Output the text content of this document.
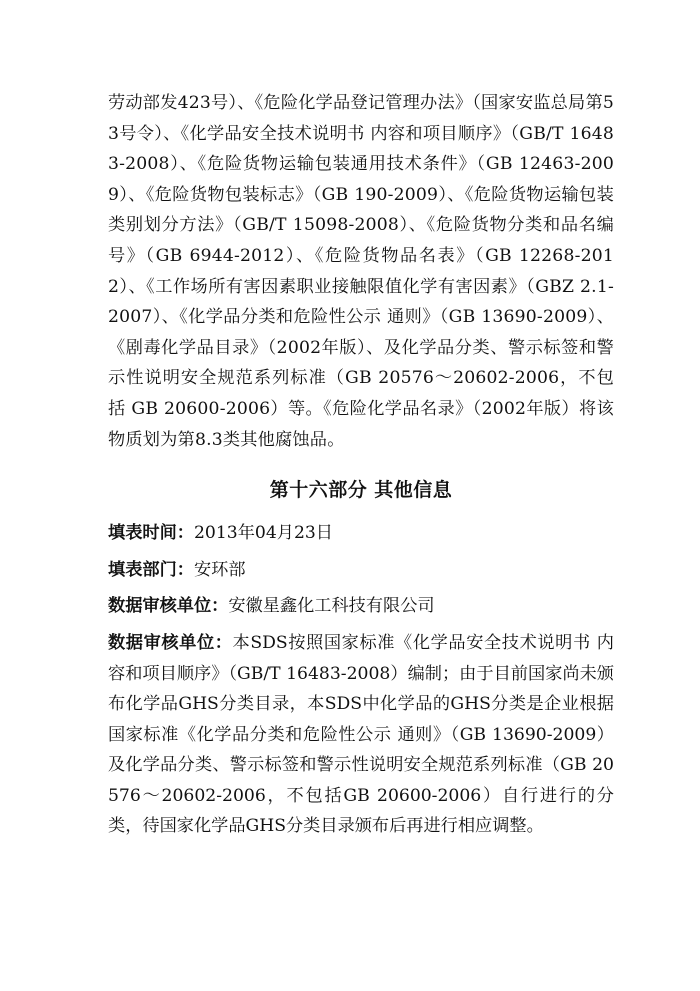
劳动部发423号）、《危险化学品登记管理办法》（国家安监总局第53号令）、《化学品安全技术说明书 内容和项目顺序》（GB/T 16483-2008）、《危险货物运输包装通用技术条件》（GB 12463-2009）、《危险货物包装标志》（GB 190-2009）、《危险货物运输包装类别划分方法》（GB/T 15098-2008）、《危险货物分类和品名编号》（GB 6944-2012）、《危险货物品名表》（GB 12268-2012）、《工作场所有害因素职业接触限值化学有害因素》（GBZ 2.1-2007）、《化学品分类和危险性公示 通则》（GB 13690-2009）、《剧毒化学品目录》（2002年版）、及化学品分类、警示标签和警示性说明安全规范系列标准（GB 20576～20602-2006，不包括 GB 20600-2006）等。《危险化学品名录》（2002年版）将该物质划为第8.3类其他腐蚀品。

第十六部分 其他信息

填表时间：2013年04月23日

填表部门：安环部

数据审核单位：安徽星鑫化工科技有限公司

数据审核单位：本SDS按照国家标准《化学品安全技术说明书 内容和项目顺序》（GB/T 16483-2008）编制；由于目前国家尚未颁布化学品GHS分类目录，本SDS中化学品的GHS分类是企业根据国家标准《化学品分类和危险性公示 通则》（GB 13690-2009）及化学品分类、警示标签和警示性说明安全规范系列标准（GB 20576～20602-2006，不包括GB 20600-2006）自行进行的分类，待国家化学品GHS分类目录颁布后再进行相应调整。
